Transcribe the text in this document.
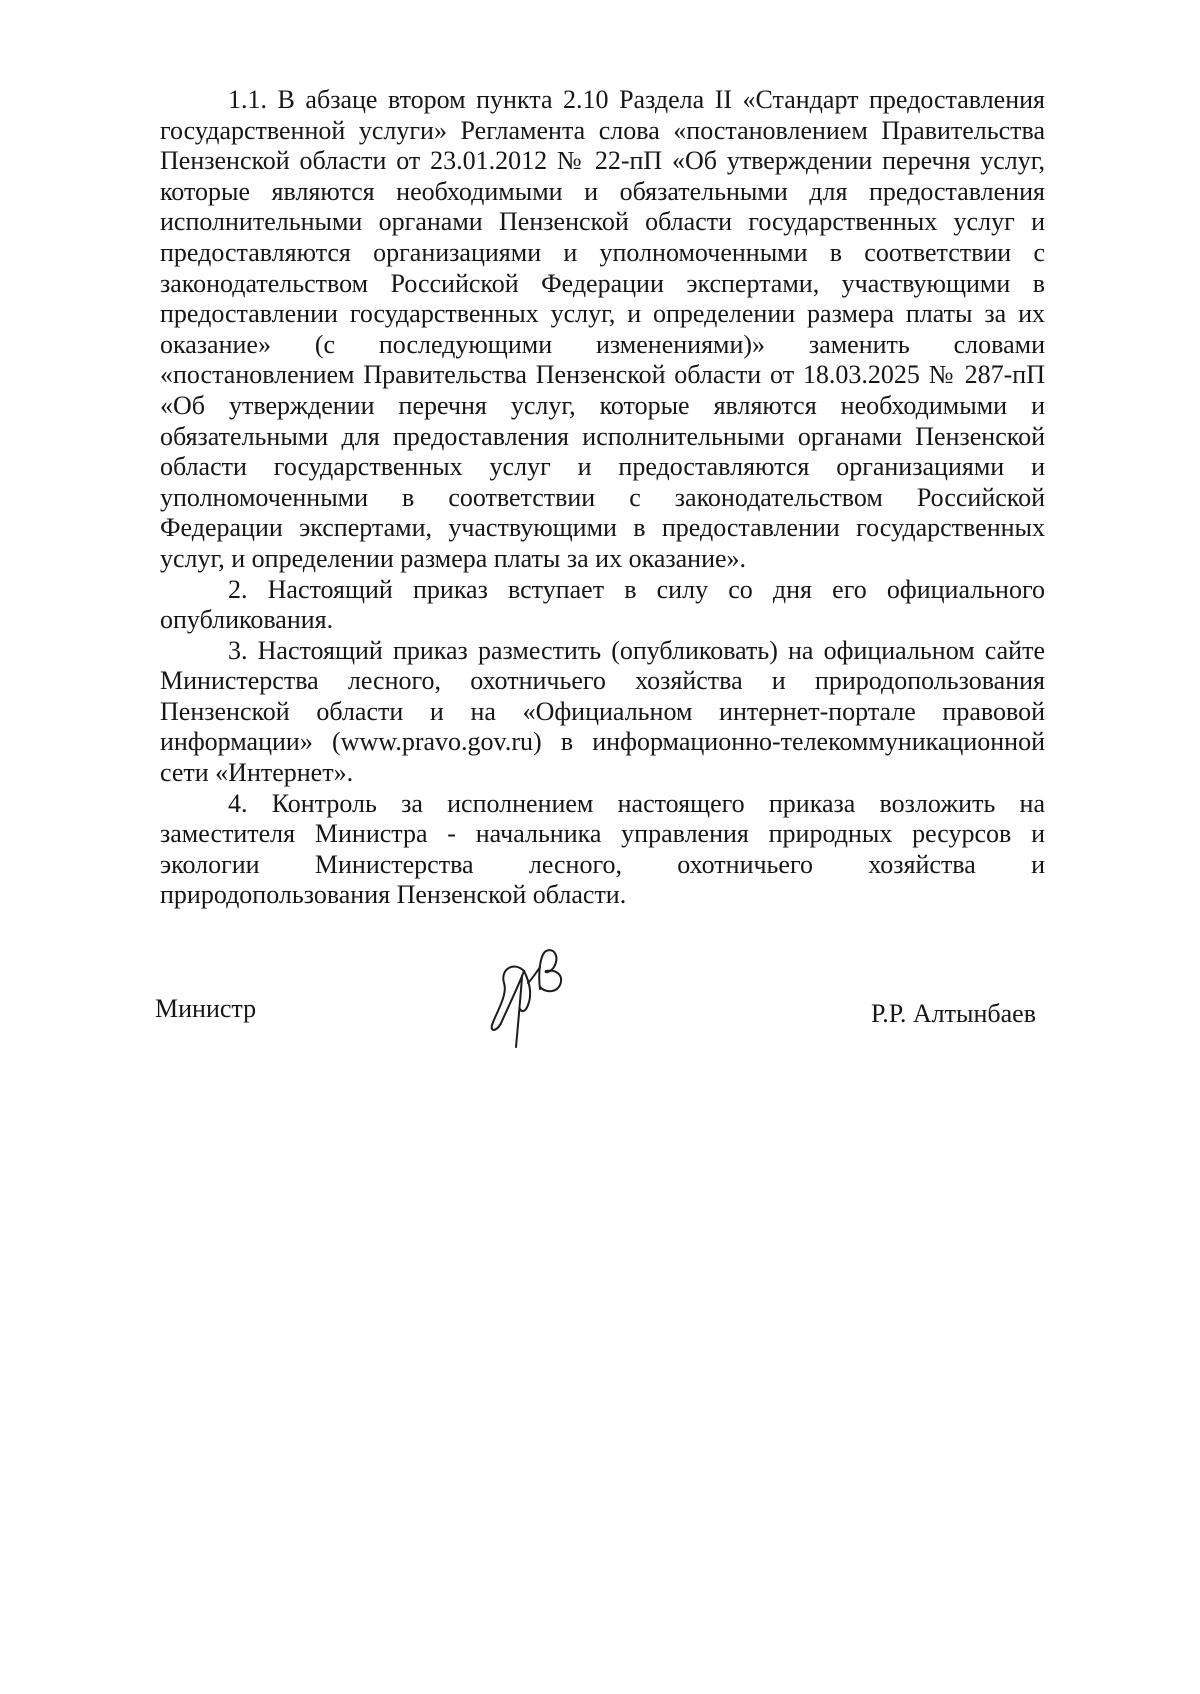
1.1. В абзаце втором пункта 2.10 Раздела II «Стандарт предоставления
государственной услуги» Регламента слова «постановлением Правительства
Пензенской области от 23.01.2012 № 22-пП «Об утверждении перечня услуг,
которые являются необходимыми и обязательными для предоставления
исполнительными органами Пензенской области государственных услуг и
предоставляются организациями и уполномоченными в соответствии с
законодательством Российской Федерации экспертами, участвующими в
предоставлении государственных услуг, и определении размера платы за их
оказание» (с последующими изменениями)» заменить словами
«постановлением Правительства Пензенской области от 18.03.2025 № 287-пП
«Об утверждении перечня услуг, которые являются необходимыми и
обязательными для предоставления исполнительными органами Пензенской
области государственных услуг и предоставляются организациями и
уполномоченными в соответствии с законодательством Российской
Федерации экспертами, участвующими в предоставлении государственных
услуг, и определении размера платы за их оказание».
2. Настоящий приказ вступает в силу со дня его официального
опубликования.
3. Настоящий приказ разместить (опубликовать) на официальном сайте
Министерства лесного, охотничьего хозяйства и природопользования
Пензенской области и на «Официальном интернет-портале правовой
информации» (www.pravo.gov.ru) в информационно-телекоммуникационной
сети «Интернет».
4. Контроль за исполнением настоящего приказа возложить на
заместителя Министра - начальника управления природных ресурсов и
экологии Министерства лесного, охотничьего хозяйства и
природопользования Пензенской области.
Министр	Р.Р. Алтынбаев
